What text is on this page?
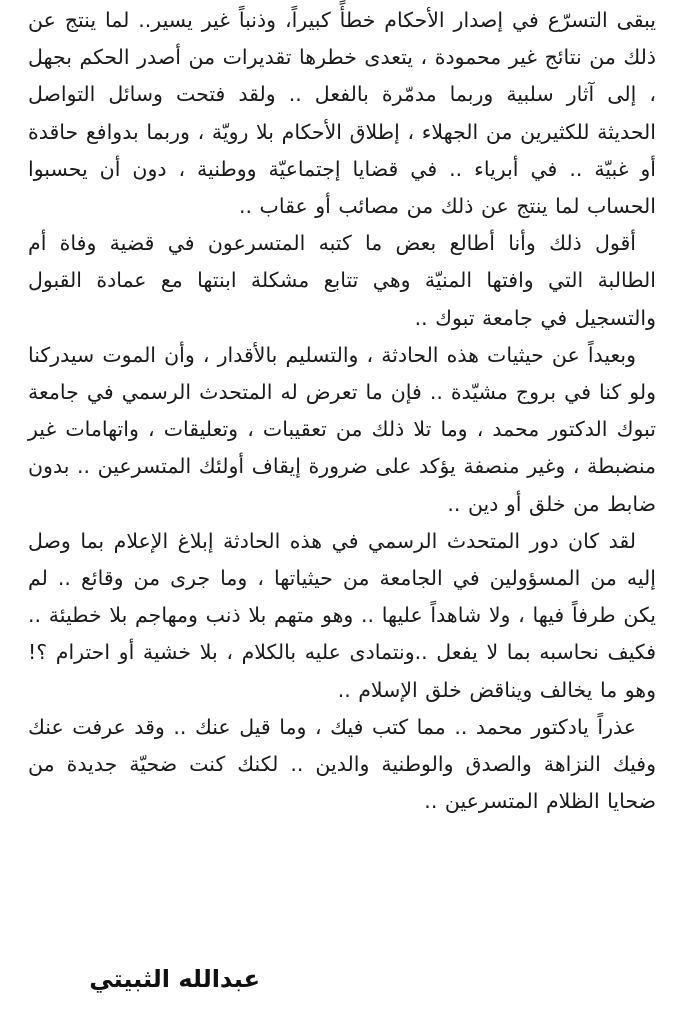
يبقى التسرّع في إصدار الأحكام خطأً كبيراً، وذنباً غير يسير.. لما ينتج عن ذلك من نتائج غير محمودة ، يتعدى خطرها تقديرات من أصدر الحكم بجهل ، إلى آثار سلبية وربما مدمّرة بالفعل .. ولقد فتحت وسائل التواصل الحديثة للكثيرين من الجهلاء ، إطلاق الأحكام بلا رويّة ، وربما بدوافع حاقدة أو غبيّة .. في أبرياء .. في قضايا إجتماعيّة ووطنية ، دون أن يحسبوا الحساب لما ينتج عن ذلك من مصائب أو عقاب ..

أقول ذلك وأنا أطالع بعض ما كتبه المتسرعون في قضية وفاة أم الطالبة التي وافتها المنيّة وهي تتابع مشكلة ابنتها مع عمادة القبول والتسجيل في جامعة تبوك ..

وبعيداً عن حيثيات هذه الحادثة ، والتسليم بالأقدار ، وأن الموت سيدركنا ولو كنا في بروج مشيّدة .. فإن ما تعرض له المتحدث الرسمي في جامعة تبوك الدكتور محمد ، وما تلا ذلك من تعقيبات ، وتعليقات ، واتهامات غير منضبطة ، وغير منصفة يؤكد على ضرورة إيقاف أولئك المتسرعين .. بدون ضابط من خلق أو دين ..

لقد كان دور المتحدث الرسمي في هذه الحادثة إبلاغ الإعلام بما وصل إليه من المسؤولين في الجامعة من حيثياتها ، وما جرى من وقائع .. لم يكن طرفاً فيها ، ولا شاهداً عليها .. وهو متهم بلا ذنب ومهاجم بلا خطيئة .. فكيف نحاسبه بما لا يفعل ..ونتمادى عليه بالكلام ، بلا خشية أو احترام ؟! وهو ما يخالف ويناقض خلق الإسلام ..

عذراً يادكتور محمد .. مما كتب فيك ، وما قيل عنك .. وقد عرفت عنك وفيك النزاهة والصدق والوطنية والدين .. لكنك كنت ضحيّة جديدة من ضحايا الظلام المتسرعين ..

عبدالله الثبيتي
